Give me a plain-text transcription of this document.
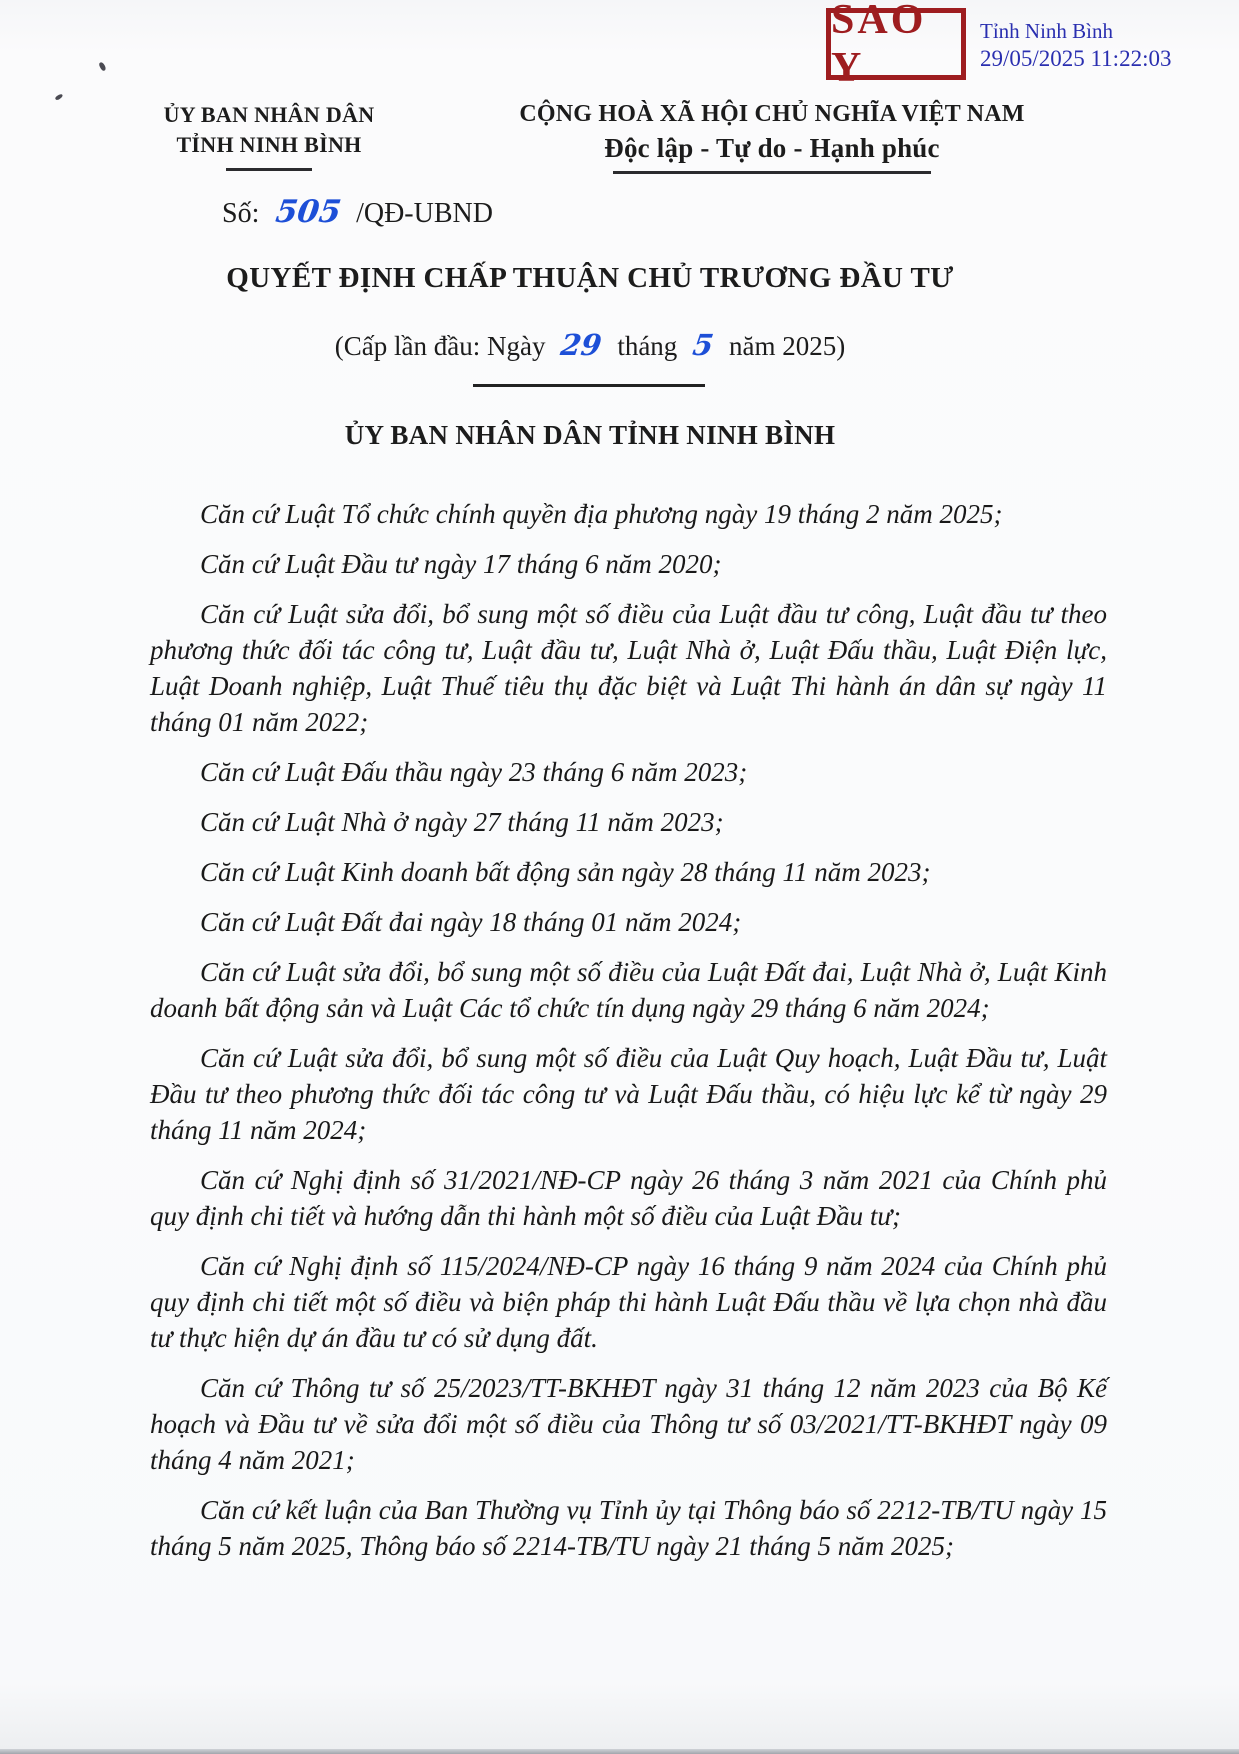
SAO Y
Tỉnh Ninh Bình
29/05/2025 11:22:03
ỦY BAN NHÂN DÂN
TỈNH NINH BÌNH
CỘNG HOÀ XÃ HỘI CHỦ NGHĨA VIỆT NAM
Độc lập - Tự do - Hạnh phúc
Số: 505 /QĐ-UBND
QUYẾT ĐỊNH CHẤP THUẬN CHỦ TRƯƠNG ĐẦU TƯ
(Cấp lần đầu: Ngày 29 tháng 5 năm 2025)
ỦY BAN NHÂN DÂN TỈNH NINH BÌNH

Căn cứ Luật Tổ chức chính quyền địa phương ngày 19 tháng 2 năm 2025;

Căn cứ Luật Đầu tư ngày 17 tháng 6 năm 2020;

Căn cứ Luật sửa đổi, bổ sung một số điều của Luật đầu tư công, Luật đầu tư theo phương thức đối tác công tư, Luật đầu tư, Luật Nhà ở, Luật Đấu thầu, Luật Điện lực, Luật Doanh nghiệp, Luật Thuế tiêu thụ đặc biệt và Luật Thi hành án dân sự ngày 11 tháng 01 năm 2022;

Căn cứ Luật Đấu thầu ngày 23 tháng 6 năm 2023;

Căn cứ Luật Nhà ở ngày 27 tháng 11 năm 2023;

Căn cứ Luật Kinh doanh bất động sản ngày 28 tháng 11 năm 2023;

Căn cứ Luật Đất đai ngày 18 tháng 01 năm 2024;

Căn cứ Luật sửa đổi, bổ sung một số điều của Luật Đất đai, Luật Nhà ở, Luật Kinh doanh bất động sản và Luật Các tổ chức tín dụng ngày 29 tháng 6 năm 2024;

Căn cứ Luật sửa đổi, bổ sung một số điều của Luật Quy hoạch, Luật Đầu tư, Luật Đầu tư theo phương thức đối tác công tư và Luật Đấu thầu, có hiệu lực kể từ ngày 29 tháng 11 năm 2024;

Căn cứ Nghị định số 31/2021/NĐ-CP ngày 26 tháng 3 năm 2021 của Chính phủ quy định chi tiết và hướng dẫn thi hành một số điều của Luật Đầu tư;

Căn cứ Nghị định số 115/2024/NĐ-CP ngày 16 tháng 9 năm 2024 của Chính phủ quy định chi tiết một số điều và biện pháp thi hành Luật Đấu thầu về lựa chọn nhà đầu tư thực hiện dự án đầu tư có sử dụng đất.

Căn cứ Thông tư số 25/2023/TT-BKHĐT ngày 31 tháng 12 năm 2023 của Bộ Kế hoạch và Đầu tư về sửa đổi một số điều của Thông tư số 03/2021/TT-BKHĐT ngày 09 tháng 4 năm 2021;

Căn cứ kết luận của Ban Thường vụ Tỉnh ủy tại Thông báo số 2212-TB/TU ngày 15 tháng 5 năm 2025, Thông báo số 2214-TB/TU ngày 21 tháng 5 năm 2025;
